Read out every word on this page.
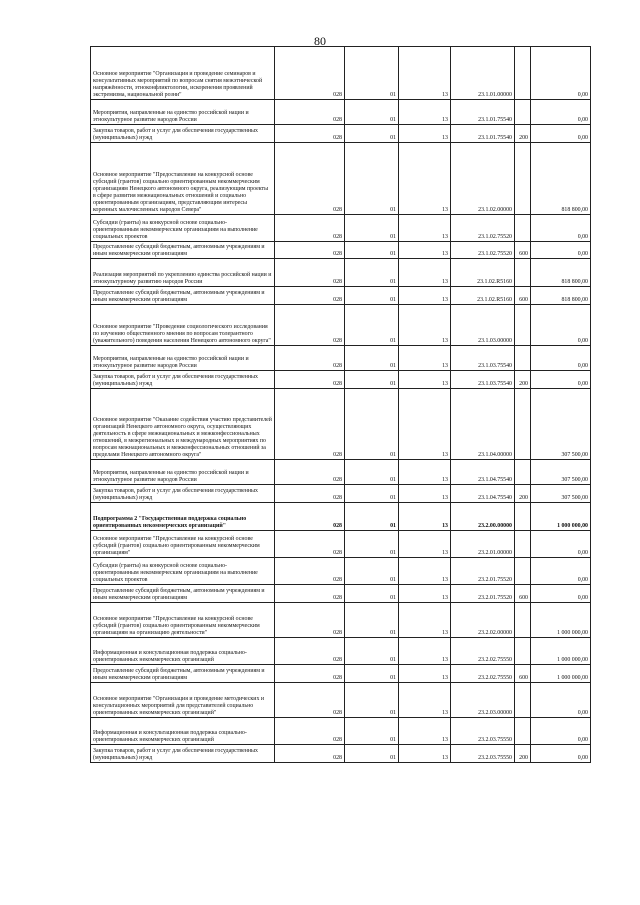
80
Основное мероприятие "Организация и проведение семинаров и консультативных мероприятий по вопросам снятия межэтнической напряжённости, этноконфликтологии, искоренения проявлений экстремизма, национальной розни"	028	01	13	23.1.01.00000		0,00
Мероприятия, направленные на единство российской нации и этнокультурное развитие народов России	028	01	13	23.1.01.75540		0,00
Закупка товаров, работ и услуг для обеспечения государственных (муниципальных) нужд	028	01	13	23.1.01.75540	200	0,00
Основное мероприятие "Предоставление на конкурсной основе субсидий (грантов) социально ориентированным некоммерческим организациям Ненецкого автономного округа, реализующим проекты в сфере развития межнациональных отношений и социально ориентированным организациям, представляющим интересы коренных малочисленных народов Севера"	028	01	13	23.1.02.00000		818 800,00
Субсидии (гранты) на конкурсной основе социально-ориентированным некоммерческим организациям на выполнение социальных проектов	028	01	13	23.1.02.75520		0,00
Предоставление субсидий бюджетным, автономным учреждениям и иным некоммерческим организациям	028	01	13	23.1.02.75520	600	0,00
Реализация мероприятий по укреплению единства российской нации и этнокультурному развитию народов России	028	01	13	23.1.02.R5160		818 800,00
Предоставление субсидий бюджетным, автономным учреждениям и иным некоммерческим организациям	028	01	13	23.1.02.R5160	600	818 800,00
Основное мероприятие "Проведение социологического исследования по изучению общественного мнения по вопросам толерантного (уважительного) поведения населения Ненецкого автономного округа"	028	01	13	23.1.03.00000		0,00
Мероприятия, направленные на единство российской нации и этнокультурное развитие народов России	028	01	13	23.1.03.75540		0,00
Закупка товаров, работ и услуг для обеспечения государственных (муниципальных) нужд	028	01	13	23.1.03.75540	200	0,00
Основное мероприятие "Оказание содействия участию представителей организаций Ненецкого автономного округа, осуществляющих деятельность в сфере межнациональных и межконфессиональных отношений, в межрегиональных и международных мероприятиях по вопросам межнациональных и межконфессиональных отношений за пределами Ненецкого автономного округа"	028	01	13	23.1.04.00000		307 500,00
Мероприятия, направленные на единство российской нации и этнокультурное развитие народов России	028	01	13	23.1.04.75540		307 500,00
Закупка товаров, работ и услуг для обеспечения государственных (муниципальных) нужд	028	01	13	23.1.04.75540	200	307 500,00
Подпрограмма 2 "Государственная поддержка социально ориентированных некоммерческих организаций"	028	01	13	23.2.00.00000		1 000 000,00
Основное мероприятие "Предоставление на конкурсной основе субсидий (грантов) социально ориентированным некоммерческим организациям"	028	01	13	23.2.01.00000		0,00
Субсидии (гранты) на конкурсной основе социально-ориентированным некоммерческим организациям на выполнение социальных проектов	028	01	13	23.2.01.75520		0,00
Предоставление субсидий бюджетным, автономным учреждениям и иным некоммерческим организациям	028	01	13	23.2.01.75520	600	0,00
Основное мероприятие "Предоставление на конкурсной основе субсидий (грантов) социально ориентированным некоммерческим организациям на организацию деятельности"	028	01	13	23.2.02.00000		1 000 000,00
Информационная и консультационная поддержка социально-ориентированных некоммерческих организаций	028	01	13	23.2.02.75550		1 000 000,00
Предоставление субсидий бюджетным, автономным учреждениям и иным некоммерческим организациям	028	01	13	23.2.02.75550	600	1 000 000,00
Основное мероприятие "Организация и проведение методических и консультационных мероприятий для представителей социально ориентированных некоммерческих организаций"	028	01	13	23.2.03.00000		0,00
Информационная и консультационная поддержка социально-ориентированных некоммерческих организаций	028	01	13	23.2.03.75550		0,00
Закупка товаров, работ и услуг для обеспечения государственных (муниципальных) нужд	028	01	13	23.2.03.75550	200	0,00
